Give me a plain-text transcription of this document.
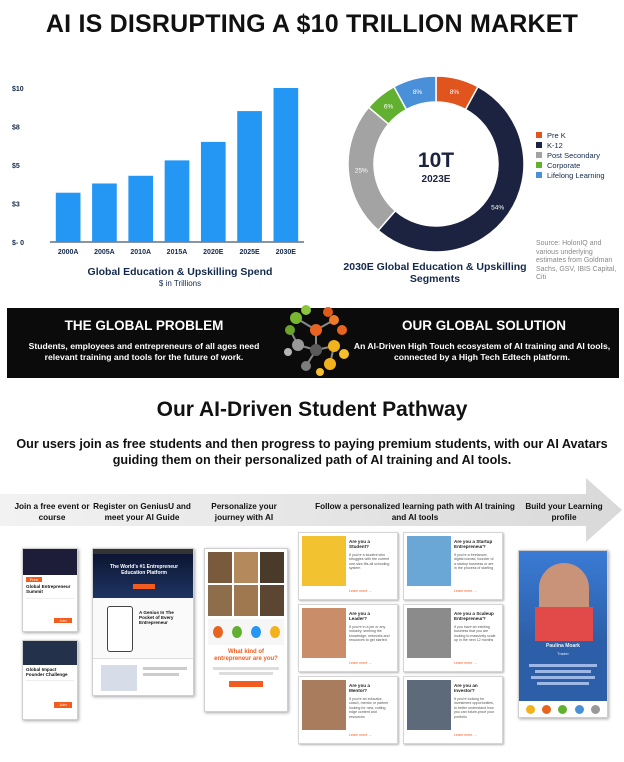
AI IS DISRUPTING A $10 TRILLION MARKET
$- 0
$3
$5
$8
$10
2000A 2005A 2010A 2015A 2020E 2025E 2030E
Global Education & Upskilling Spend
$ in Trillions
8%
54%
25%
6%
8%
10T
2023E
2030E Global Education & Upskilling Segments
Pre K
K-12
Post Secondary
Corporate
Lifelong Learning
Source: HolonIQ and various underlying estimates from Goldman Sachs, GSV, IBIS Capital, Citi
THE GLOBAL PROBLEM
Students, employees and entrepreneurs of all ages need relevant training and tools for the future of work.
OUR GLOBAL SOLUTION
An AI-Driven High Touch ecosystem of AI training and AI tools, connected by a High Tech Edtech platform.
Our AI-Driven Student Pathway
Our users join as free students and then progress to paying premium students, with our AI Avatars guiding them on their personalized path of AI training and AI tools.
Join a free event or course
Register on GeniusU and meet your AI Guide
Personalize your journey with AI
Follow a personalized learning path with AI training and AI tools
Build your Learning profile
Free
Global Entrepreneur Summit
Join
Global Impact Founder Challenge
Join
The World's #1 Entrepreneur Education Platform
A Genius In The Pocket of Every Entrepreneur
What kind of entrepreneur are you?
Are you a Student?
If you're a student who struggles with the current one-size-fits-all schooling system
Learn more →
Are you a Startup Entrepreneur?
If you're a freelancer, digital nomad, founder of a startup business or are in the process of starting
Learn more →
Are you a Leader?
If you're in a job or any industry, seeking the knowledge, networks and resources to get started
Learn more →
Are you a Scaleup Entrepreneur?
If you have an existing business that you are looking to massively scale up in the next 12 months
Learn more →
Are you a Mentor?
If you're an educator, coach, mentor or partner looking for new, cutting edge content and resources
Learn more →
Are you an Investor?
If you're looking for investment opportunities, to better understand how you can future-proof your portfolio
Learn more →
Paulina Moark
Trader
